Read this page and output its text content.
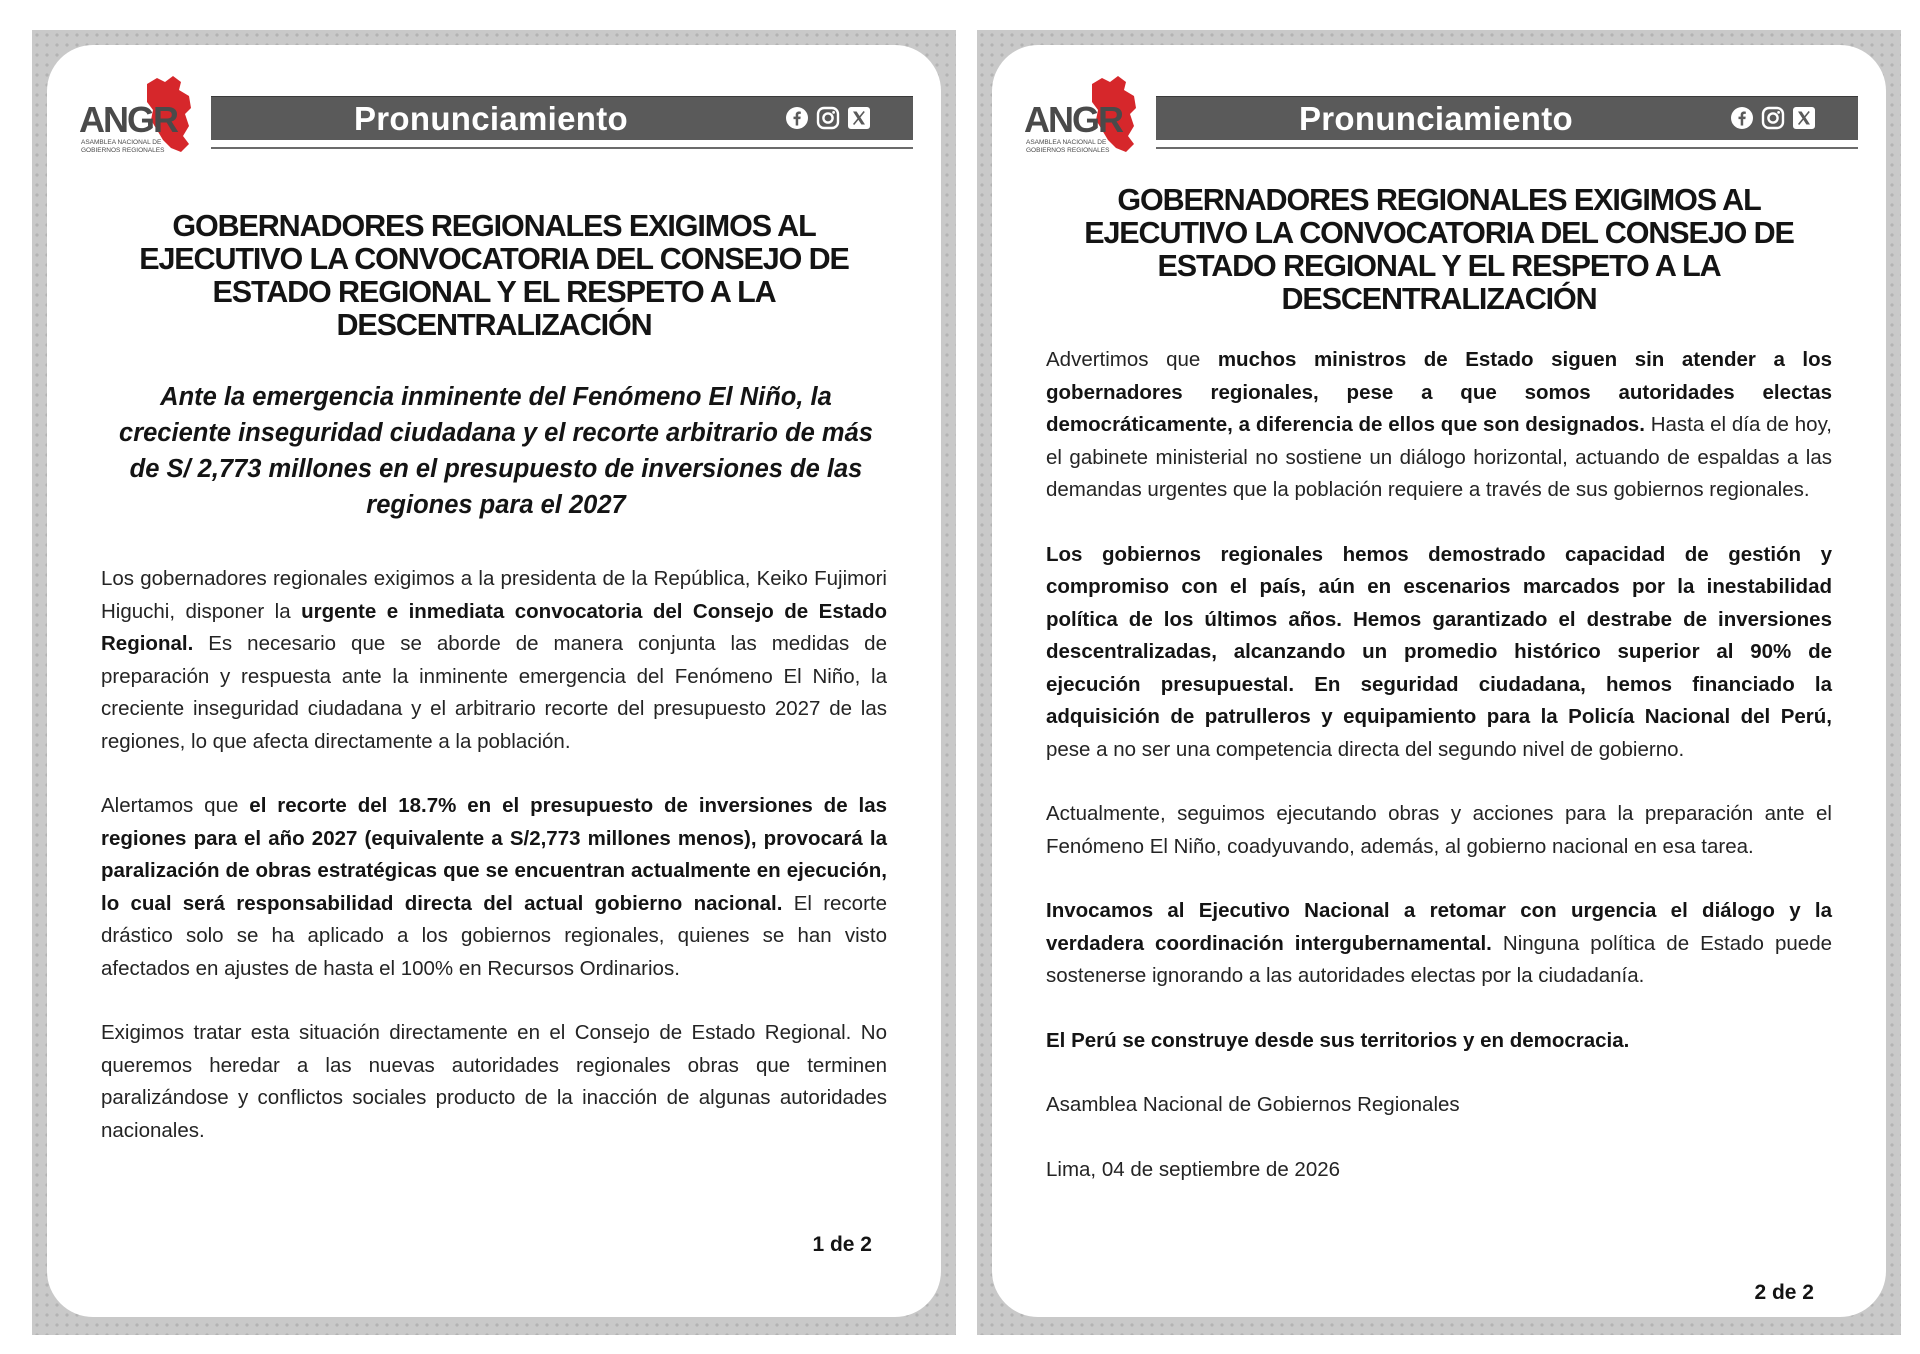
ANGR
ASAMBLEA NACIONAL DE
GOBIERNOS REGIONALES
Pronunciamiento
GOBERNADORES REGIONALES EXIGIMOS AL EJECUTIVO LA CONVOCATORIA DEL CONSEJO DE ESTADO REGIONAL Y EL RESPETO A LA DESCENTRALIZACIÓN
Ante la emergencia inminente del Fenómeno El Niño, la creciente inseguridad ciudadana y el recorte arbitrario de más de S/ 2,773 millones en el presupuesto de inversiones de las regiones para el 2027

Los gobernadores regionales exigimos a la presidenta de la República, Keiko Fujimori Higuchi, disponer la urgente e inmediata convocatoria del Consejo de Estado Regional. Es necesario que se aborde de manera conjunta las medidas de preparación y respuesta ante la inminente emergencia del Fenómeno El Niño, la creciente inseguridad ciudadana y el arbitrario recorte del presupuesto 2027 de las regiones, lo que afecta directamente a la población.

Alertamos que el recorte del 18.7% en el presupuesto de inversiones de las regiones para el año 2027 (equivalente a S/2,773 millones menos), provocará la paralización de obras estratégicas que se encuentran actualmente en ejecución, lo cual será responsabilidad directa del actual gobierno nacional. El recorte drástico solo se ha aplicado a los gobiernos regionales, quienes se han visto afectados en ajustes de hasta el 100% en Recursos Ordinarios.

Exigimos tratar esta situación directamente en el Consejo de Estado Regional. No queremos heredar a las nuevas autoridades regionales obras que terminen paralizándose y conflictos sociales producto de la inacción de algunas autoridades nacionales.

1 de 2
ANGR
ASAMBLEA NACIONAL DE
GOBIERNOS REGIONALES
Pronunciamiento
GOBERNADORES REGIONALES EXIGIMOS AL EJECUTIVO LA CONVOCATORIA DEL CONSEJO DE ESTADO REGIONAL Y EL RESPETO A LA DESCENTRALIZACIÓN

Advertimos que muchos ministros de Estado siguen sin atender a los gobernadores regionales, pese a que somos autoridades electas democráticamente, a diferencia de ellos que son designados. Hasta el día de hoy, el gabinete ministerial no sostiene un diálogo horizontal, actuando de espaldas a las demandas urgentes que la población requiere a través de sus gobiernos regionales.

Los gobiernos regionales hemos demostrado capacidad de gestión y compromiso con el país, aún en escenarios marcados por la inestabilidad política de los últimos años. Hemos garantizado el destrabe de inversiones descentralizadas, alcanzando un promedio histórico superior al 90% de ejecución presupuestal. En seguridad ciudadana, hemos financiado la adquisición de patrulleros y equipamiento para la Policía Nacional del Perú, pese a no ser una competencia directa del segundo nivel de gobierno.

Actualmente, seguimos ejecutando obras y acciones para la preparación ante el Fenómeno El Niño, coadyuvando, además, al gobierno nacional en esa tarea.

Invocamos al Ejecutivo Nacional a retomar con urgencia el diálogo y la verdadera coordinación intergubernamental. Ninguna política de Estado puede sostenerse ignorando a las autoridades electas por la ciudadanía.

El Perú se construye desde sus territorios y en democracia.

Asamblea Nacional de Gobiernos Regionales

Lima, 04 de septiembre de 2026

2 de 2
